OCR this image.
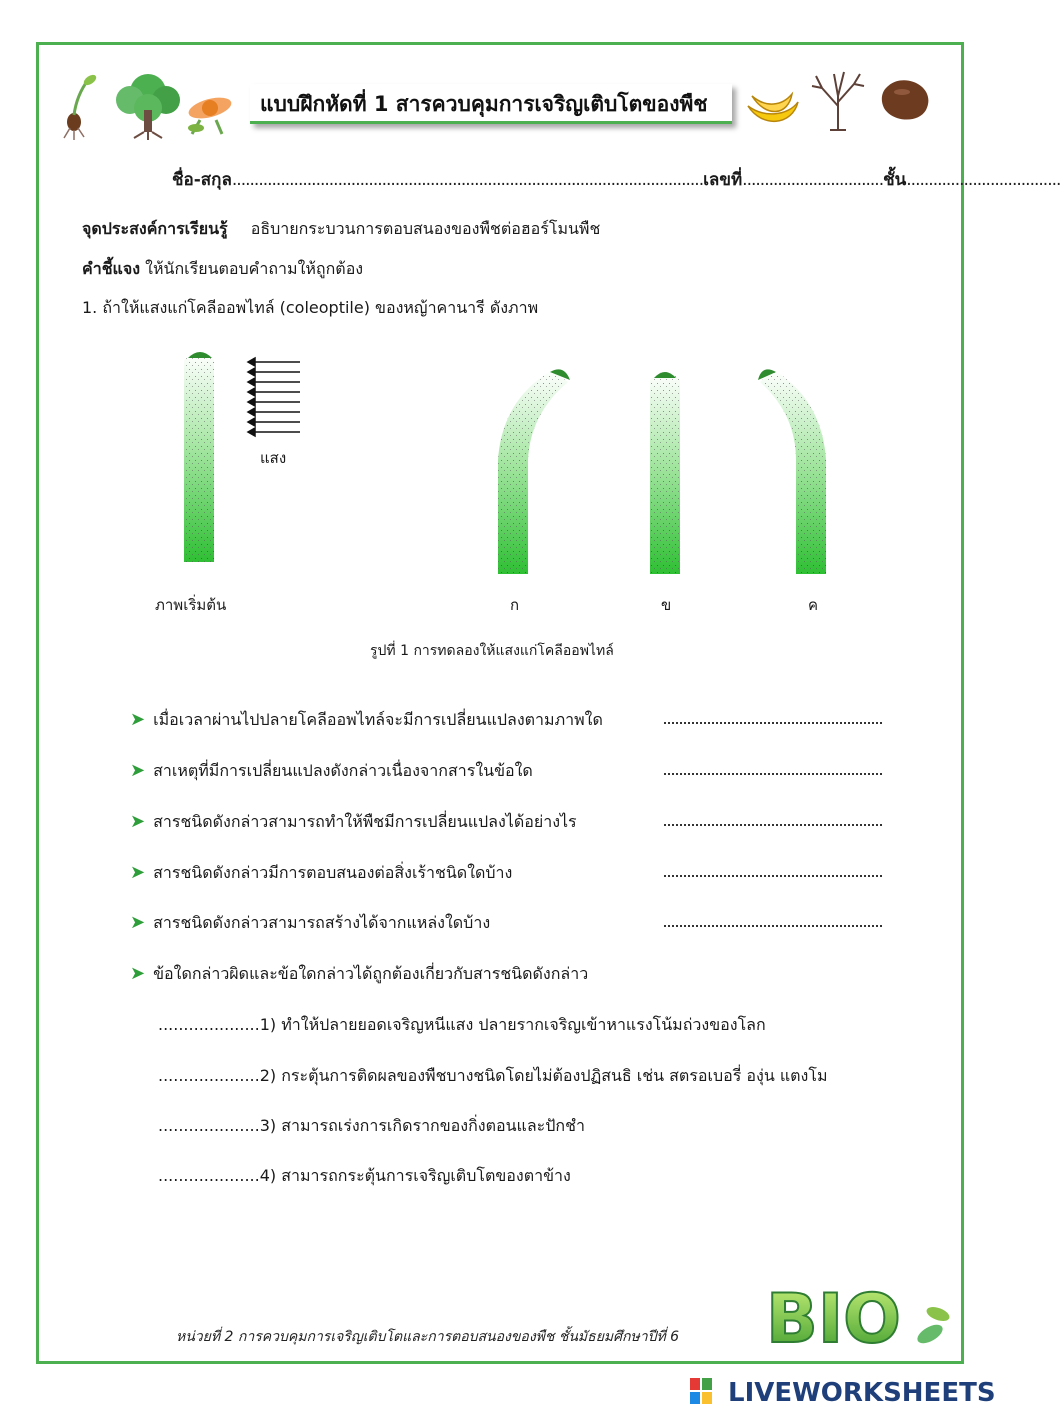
แบบฝึกหัดที่ 1 สารควบคุมการเจริญเติบโตของพืช
ชื่อ-สกุล...........................................................................................................เลขที่................................ชั้น...................................
จุดประสงค์การเรียนรู้ อธิบายกระบวนการตอบสนองของพืชต่อฮอร์โมนพืช
คำชี้แจง ให้นักเรียนตอบคำถามให้ถูกต้อง
1. ถ้าให้แสงแก่โคลีออพไทล์ (coleoptile) ของหญ้าคานารี ดังภาพ
แสง
ภาพเริ่มต้น	ก	ข	ค
รูปที่ 1 การทดลองให้แสงแก่โคลีออพไทล์
➤ เมื่อเวลาผ่านไปปลายโคลีออพไทล์จะมีการเปลี่ยนแปลงตามภาพใด
➤ สาเหตุที่มีการเปลี่ยนแปลงดังกล่าวเนื่องจากสารในข้อใด
➤ สารชนิดดังกล่าวสามารถทำให้พืชมีการเปลี่ยนแปลงได้อย่างไร
➤ สารชนิดดังกล่าวมีการตอบสนองต่อสิ่งเร้าชนิดใดบ้าง
➤ สารชนิดดังกล่าวสามารถสร้างได้จากแหล่งใดบ้าง
➤ ข้อใดกล่าวผิดและข้อใดกล่าวได้ถูกต้องเกี่ยวกับสารชนิดดังกล่าว
....................1) ทำให้ปลายยอดเจริญหนีแสง ปลายรากเจริญเข้าหาแรงโน้มถ่วงของโลก
....................2) กระตุ้นการติดผลของพืชบางชนิดโดยไม่ต้องปฏิสนธิ เช่น สตรอเบอรี่ องุ่น แตงโม
....................3) สามารถเร่งการเกิดรากของกิ่งตอนและปักชำ
....................4) สามารถกระตุ้นการเจริญเติบโตของตาข้าง
หน่วยที่ 2 การควบคุมการเจริญเติบโตและการตอบสนองของพืช ชั้นมัธยมศึกษาปีที่ 6 BIO
LIVEWORKSHEETS
